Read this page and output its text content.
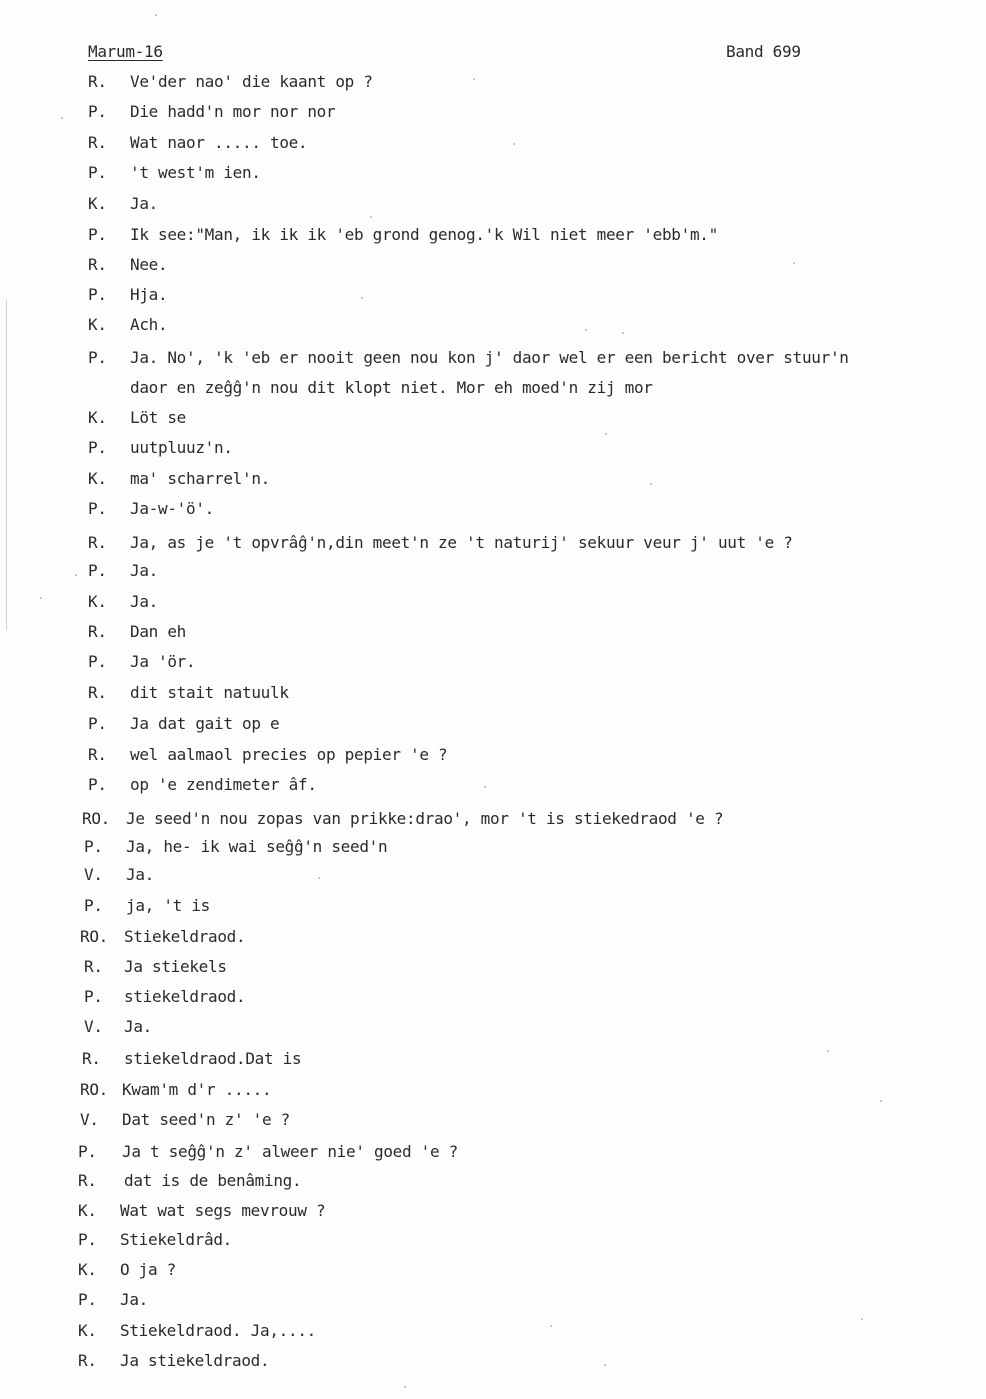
Marum-16	Band 699
R.	Ve'der nao' die kaant op ?
P.	Die hadd'n mor nor nor
R.	Wat naor ..... toe.
P.	't west'm ien.
K.	Ja.
P.	Ik see:"Man, ik ik ik 'eb grond genog.'k Wil niet meer 'ebb'm."
R.	Nee.
P.	Hja.
K.	Ach.
P.	Ja. No', 'k 'eb er nooit geen nou kon j' daor wel er een bericht over stuur'n
daor en zeĝĝ'n nou dit klopt niet. Mor eh moed'n zij mor
K.	Löt se
P.	uutpluuz'n.
K.	ma' scharrel'n.
P.	Ja-w-'ö'.
R.	Ja, as je 't opvrâĝ'n,din meet'n ze 't naturij' sekuur veur j' uut 'e ?
P.	Ja.
K.	Ja.
R.	Dan eh
P.	Ja 'ör.
R.	dit stait natuulk
P.	Ja dat gait op e
R.	wel aalmaol precies op pepier 'e ?
P.	op 'e zendimeter âf.
RO.	Je seed'n nou zopas van prikke:drao', mor 't is stiekedraod 'e ?
P.	Ja, he- ik wai seĝĝ'n seed'n
V.	Ja.
P.	ja, 't is
RO.	Stiekeldraod.
R.	Ja stiekels
P.	stiekeldraod.
V.	Ja.
R.	stiekeldraod.Dat is
RO. Kwam'm d'r .....
V.	Dat seed'n z' 'e ?
P.	Ja t seĝĝ'n z' alweer nie' goed 'e ?
R.	dat is de benâming.
K.	Wat wat segs mevrouw ?
P.	Stiekeldrâd.
K.	O ja ?
P.	Ja.
K.	Stiekeldraod. Ja,....
R.	Ja stiekeldraod.
